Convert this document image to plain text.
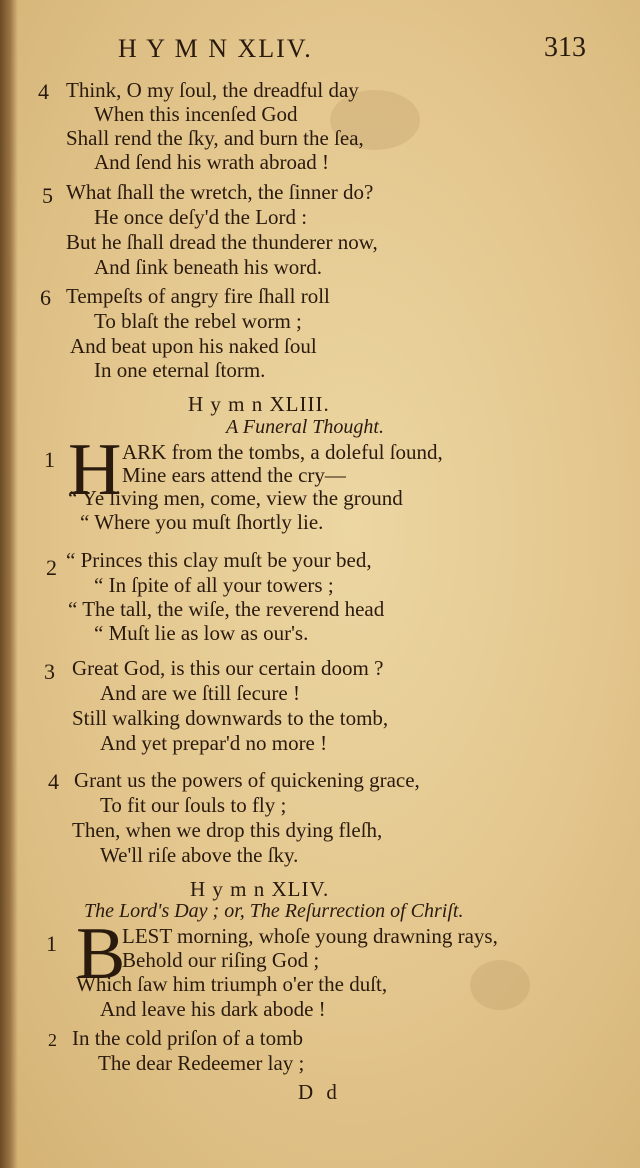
H Y M N XLIV.	313
4 Think, O my ſoul, the dreadful day
When this incenſed God
Shall rend the ſky, and burn the ſea,
And ſend his wrath abroad !
5 What ſhall the wretch, the ſinner do?
He once deſy'd the Lord :
But he ſhall dread the thunderer now,
And ſink beneath his word.
6 Tempeſts of angry fire ſhall roll
To blaſt the rebel worm ;
And beat upon his naked ſoul
In one eternal ſtorm.
H y m n XLIII.
A Funeral Thought.
1 H ARK from the tombs, a doleful ſound,
Mine ears attend the cry—
“ Ye living men, come, view the ground
“ Where you muſt ſhortly lie.
2 “ Princes this clay muſt be your bed,
“ In ſpite of all your towers ;
“ The tall, the wiſe, the reverend head
“ Muſt lie as low as our's.
3 Great God, is this our certain doom ?
And are we ſtill ſecure !
Still walking downwards to the tomb,
And yet prepar'd no more !
4 Grant us the powers of quickening grace,
To fit our ſouls to fly ;
Then, when we drop this dying fleſh,
We'll riſe above the ſky.
H y m n XLIV.
The Lord's Day ; or, The Reſurrection of Chriſt.
1 B
LEST morning, whoſe young drawning rays,
Behold our riſing God ;
Which ſaw him triumph o'er the duſt,
And leave his dark abode !
2 In the cold priſon of a tomb
The dear Redeemer lay ;
D d
